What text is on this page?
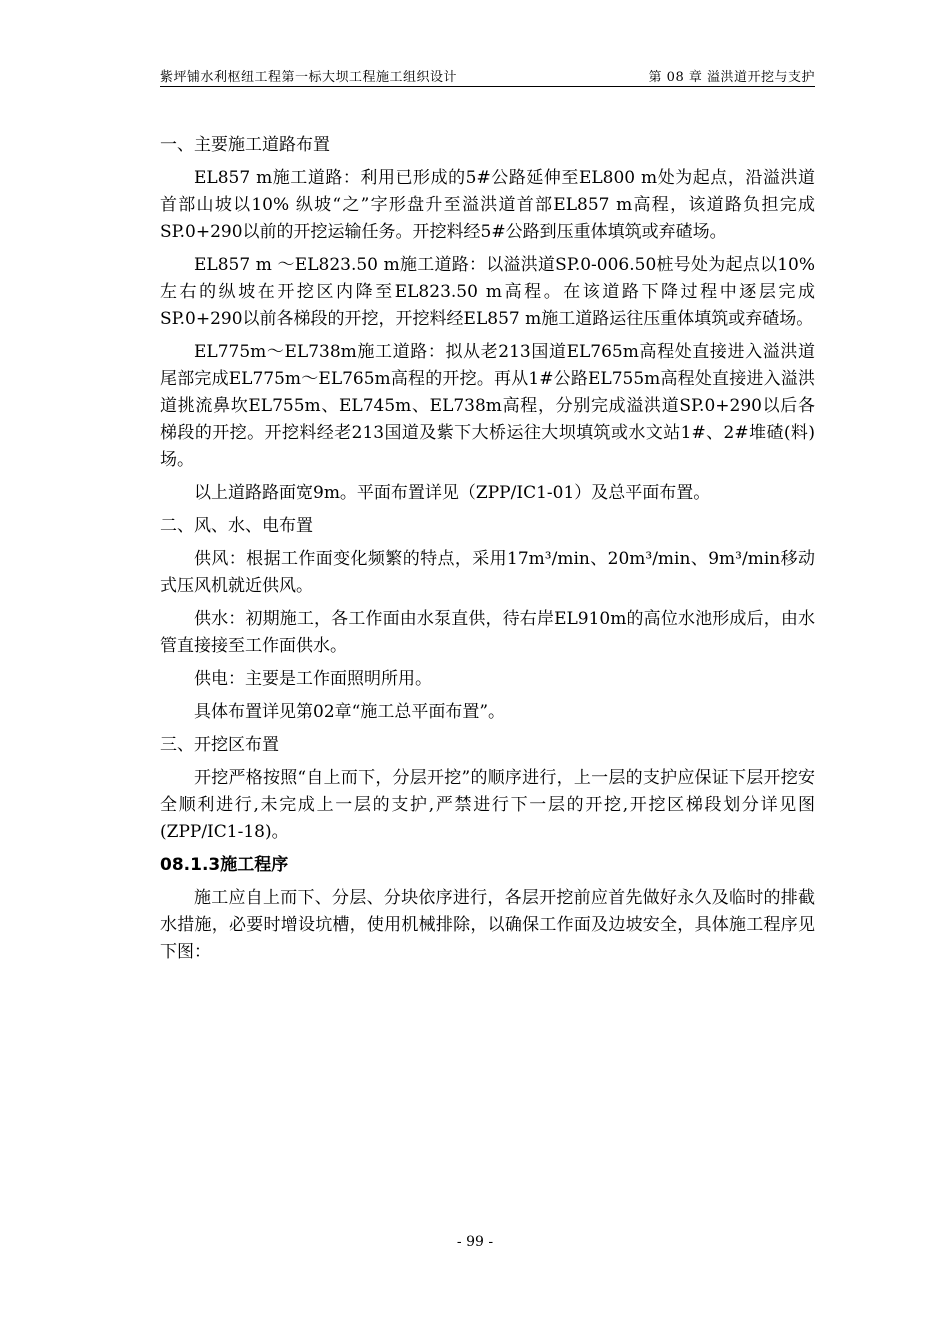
紫坪铺水利枢纽工程第一标大坝工程施工组织设计	第 08 章 溢洪道开挖与支护

一、主要施工道路布置

EL857 m施工道路：利用已形成的5#公路延伸至EL800 m处为起点，沿溢洪道首部山坡以10% 纵坡“之”字形盘升至溢洪道首部EL857 m高程，该道路负担完成SP.0+290以前的开挖运输任务。开挖料经5#公路到压重体填筑或弃碴场。

EL857 m ～EL823.50 m施工道路：以溢洪道SP.0-006.50桩号处为起点以10%左右的纵坡在开挖区内降至EL823.50 m高程。在该道路下降过程中逐层完成SP.0+290以前各梯段的开挖，开挖料经EL857 m施工道路运往压重体填筑或弃碴场。

EL775m～EL738m施工道路：拟从老213国道EL765m高程处直接进入溢洪道尾部完成EL775m～EL765m高程的开挖。再从1#公路EL755m高程处直接进入溢洪道挑流鼻坎EL755m、EL745m、EL738m高程，分别完成溢洪道SP.0+290以后各梯段的开挖。开挖料经老213国道及紫下大桥运往大坝填筑或水文站1#、2#堆碴(料)场。

以上道路路面宽9m。平面布置详见（ZPP/IC1-01）及总平面布置。

二、风、水、电布置

供风：根据工作面变化频繁的特点，采用17m³/min、20m³/min、9m³/min移动式压风机就近供风。

供水：初期施工，各工作面由水泵直供，待右岸EL910m的高位水池形成后，由水管直接接至工作面供水。

供电：主要是工作面照明所用。

具体布置详见第02章“施工总平面布置”。

三、开挖区布置

开挖严格按照“自上而下，分层开挖”的顺序进行，上一层的支护应保证下层开挖安全顺利进行,未完成上一层的支护,严禁进行下一层的开挖,开挖区梯段划分详见图(ZPP/IC1-18)。

08.1.3施工程序

施工应自上而下、分层、分块依序进行，各层开挖前应首先做好永久及临时的排截水措施，必要时增设坑槽，使用机械排除，以确保工作面及边坡安全，具体施工程序见下图：

- 99 -
